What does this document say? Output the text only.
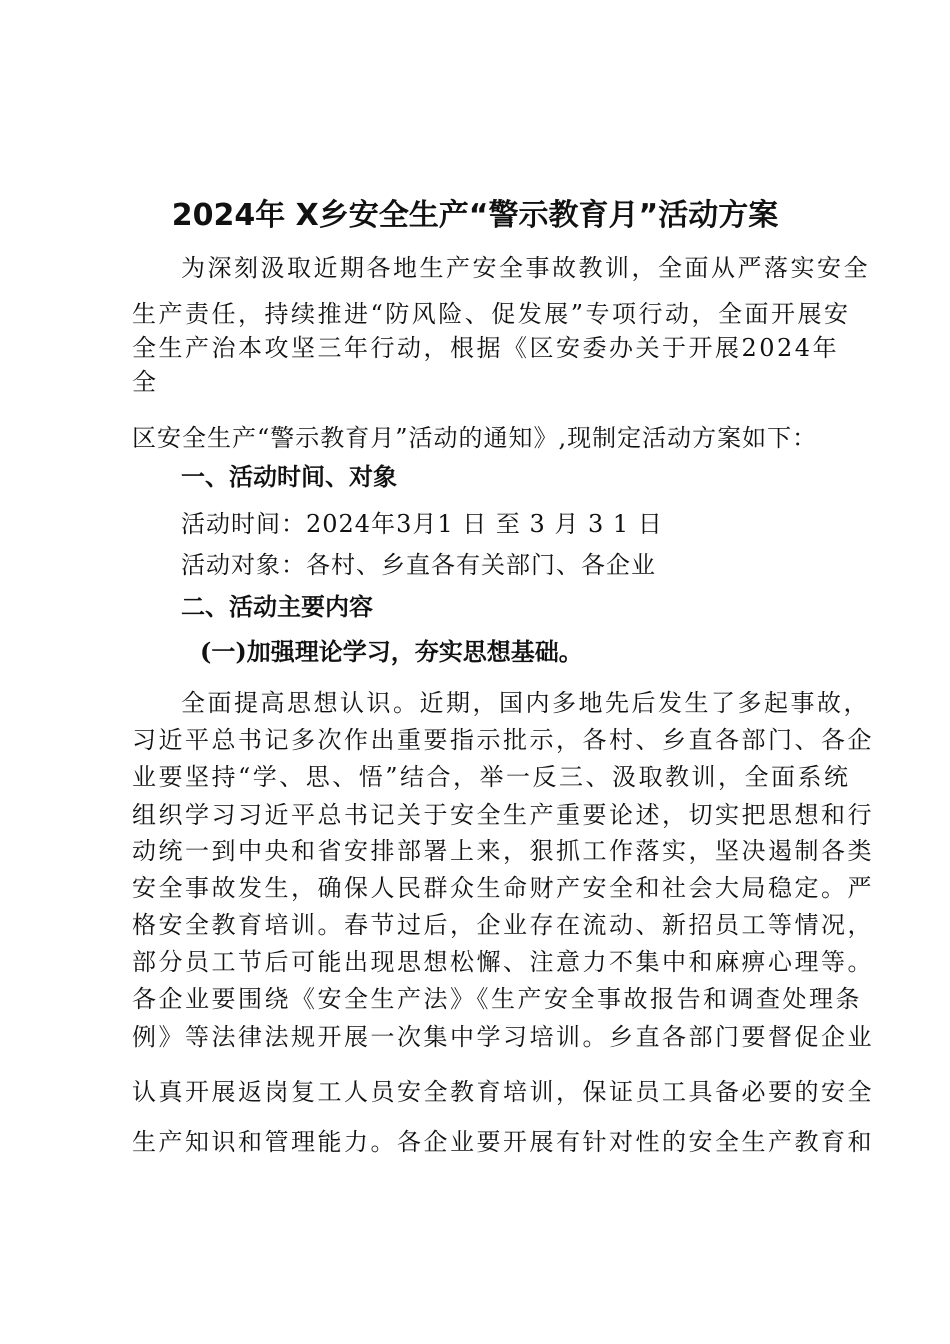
2024年 X乡安全生产“警示教育月”活动方案
为深刻汲取近期各地生产安全事故教训，全面从严落实安全
生产责任，持续推进“防风险、促发展”专项行动，全面开展安
全生产治本攻坚三年行动，根据《区安委办关于开展2024年
全
区安全生产“警示教育月”活动的通知》,现制定活动方案如下：
一、活动时间、对象
活动时间：2024年3月1 日 至 3 月 3 1 日
活动对象：各村、乡直各有关部门、各企业
二、活动主要内容
(一)加强理论学习，夯实思想基础。
全面提高思想认识。近期，国内多地先后发生了多起事故，
习近平总书记多次作出重要指示批示，各村、乡直各部门、各企
业要坚持“学、思、悟”结合，举一反三、汲取教训，全面系统
组织学习习近平总书记关于安全生产重要论述，切实把思想和行
动统一到中央和省安排部署上来，狠抓工作落实，坚决遏制各类
安全事故发生，确保人民群众生命财产安全和社会大局稳定。严
格安全教育培训。春节过后，企业存在流动、新招员工等情况，
部分员工节后可能出现思想松懈、注意力不集中和麻痹心理等。
各企业要围绕《安全生产法》《生产安全事故报告和调查处理条
例》等法律法规开展一次集中学习培训。乡直各部门要督促企业
认真开展返岗复工人员安全教育培训，保证员工具备必要的安全
生产知识和管理能力。各企业要开展有针对性的安全生产教育和
